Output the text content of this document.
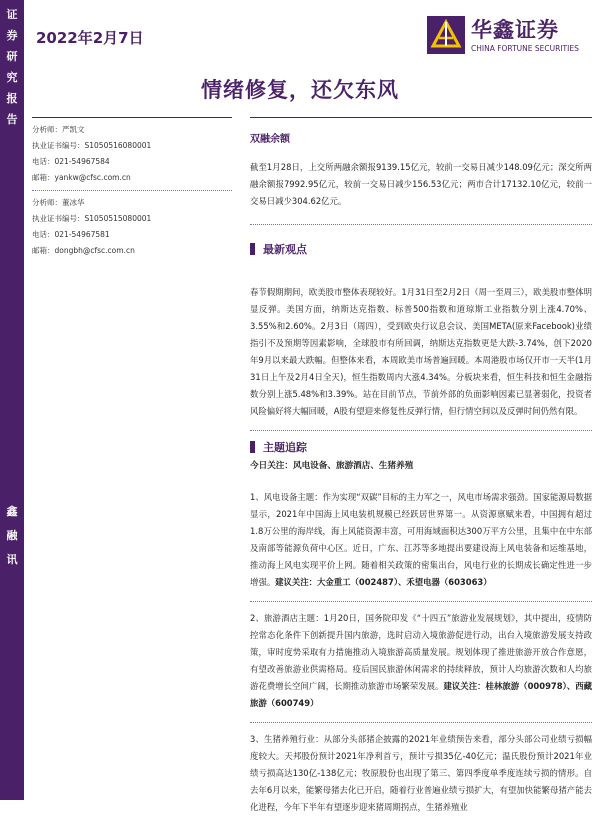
证
券
研
究
报
告
鑫
融
讯
2022年2月7日	华鑫证券
CHINA FORTUNE SECURITIES
情绪修复，还欠东风
分析师：严凯文
执业证书编号：S1050516080001
电话：021-54967584
邮箱：yankw@cfsc.com.cn
分析师：董冰华
执业证书编号：S1050515080001
电话：021-54967581
邮箱：dongbh@cfsc.com.cn
双融余额
截至1月28日，上交所两融余额报9139.15亿元，较前一交易日减少148.09亿元；深交所两融余额报7992.95亿元，较前一交易日减少156.53亿元；两市合计17132.10亿元，较前一交易日减少304.62亿元。
最新观点
春节假期期间，欧美股市整体表现较好。1月31日至2月2日（周一至周三），欧美股市整体明显反弹。美国方面，纳斯达克指数、标普500指数和道琼斯工业指数分别上涨4.70%、3.55%和2.60%。2月3日（周四），受到欧央行议息会议、美国META(原来Facebook)业绩指引不及预期等因素影响，全球股市有所回调，纳斯达克指数更是大跌-3.74%，创下2020年9月以来最大跌幅。但整体来看，本周欧美市场普遍回暖。本周港股市场仅开市一天半(1月31日上午及2月4日全天)，恒生指数周内大涨4.34%。分板块来看，恒生科技和恒生金融指数分别上涨5.48%和3.39%。站在目前节点，节前外部的负面影响因素已显著弱化，投资者风险偏好将大幅回暖，A股有望迎来修复性反弹行情，但行情空间以及反弹时间仍然有限。
主题追踪
今日关注：风电设备、旅游酒店、生猪养殖
1、风电设备主题：作为实现“双碳”目标的主力军之一，风电市场需求强劲。国家能源局数据显示，2021年中国海上风电装机规模已经跃居世界第一。从资源禀赋来看，中国拥有超过1.8万公里的海岸线，海上风能资源丰富，可用海域面积达300万平方公里，且集中在中东部及南部等能源负荷中心区。近日，广东、江苏等多地提出要建设海上风电装备和运维基地，推动海上风电实现平价上网。随着相关政策的密集出台，风电行业的长期成长确定性进一步增强。建议关注：大金重工（002487）、禾望电器（603063）
2、旅游酒店主题：1月20日，国务院印发《“十四五”旅游业发展规划》，其中提出，疫情防控常态化条件下创新提升国内旅游，选时启动入境旅游促进行动，出台入境旅游发展支持政策，审时度势采取有力措施推动入境旅游高质量发展。规划体现了推进旅游开放合作意愿，有望改善旅游业供需格局。疫后国民旅游休闲需求的持续释放，预计人均旅游次数和人均旅游花费增长空间广阔，长期推动旅游市场繁荣发展。建议关注：桂林旅游（000978）、西藏旅游（600749）
3、生猪养殖行业：从部分头部猪企披露的2021年业绩预告来看，部分头部公司业绩亏损幅度较大。天邦股份预计2021年净利首亏，预计亏损35亿-40亿元；温氏股份预计2021年业绩亏损高达130亿-138亿元；牧原股份也出现了第三、第四季度单季度连续亏损的情形。自去年6月以来，能繁母猪去化已开启，随着行业普遍业绩亏损扩大，有望加快能繁母猪产能去化进程，今年下半年有望逐步迎来猪周期拐点，生猪养殖业
